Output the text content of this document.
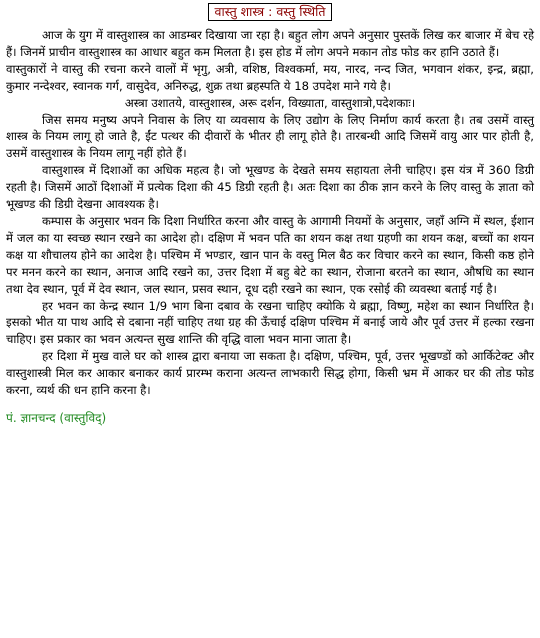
वास्तु शास्त्र : वस्तु स्थिति

आज के युग में वास्तुशास्त्र का आडम्बर दिखाया जा रहा है। बहुत लोग अपने अनुसार पुस्तकें लिख कर बाजार में बेच रहे हैं। जिनमें प्राचीन वास्तुशास्त्र का आधार बहुत कम मिलता है। इस होड में लोग अपने मकान तोड फोड कर हानि उठाते हैं।

वास्तुकारों ने वास्तु की रचना करने वालों में भृगु, अत्री, वशिष्ठ, विश्वकर्मा, मय, नारद, नन्द जित, भगवान शंकर, इन्द्र, ब्रह्मा, कुमार नन्देश्वर, स्वानक गर्ग, वासुदेव, अनिरुद्ध, शुक्र तथा ब्रहस्पति ये 18 उपदेश माने गये है।

अस्त्रा उशातये, वास्तुशास्त्र, अरू दर्शन, विख्याता, वास्तुशात्रो,पदेशकाः।

जिस समय मनुष्य अपने निवास के लिए या व्यवसाय के लिए उद्योग के लिए निर्माण कार्य करता है। तब उसमें वास्तु शास्त्र के नियम लागू हो जाते है, ईंट पत्थर की दीवारों के भीतर ही लागू होते है। तारबन्धी आदि जिसमें वायु आर पार होती है, उसमें वास्तुशास्त्र के नियम लागू नहीं होते हैं।

वास्तुशास्त्र में दिशाओं का अधिक महत्व है। जो भूखण्ड के देखते समय सहायता लेनी चाहिए। इस यंत्र में 360 डिग्री रहती है। जिसमें आठों दिशाओं में प्रत्येक दिशा की 45 डिग्री रहती है। अतः दिशा का ठीक ज्ञान करने के लिए वास्तु के ज्ञाता को भूखण्ड की डिग्री देखना आवश्यक है।

कम्पास के अनुसार भवन कि दिशा निर्धारित करना और वास्तु के आगामी नियमों के अनुसार, जहाँ अग्नि में स्थल, ईशान में जल का या स्वच्छ स्थान रखने का आदेश हो। दक्षिण में भवन पति का शयन कक्ष तथा ग्रहणी का शयन कक्ष, बच्चों का शयन कक्ष या शौचालय होने का आदेश है। पश्चिम में भण्डार, खान पान के वस्तु मिल बैठ कर विचार करने का स्थान, किसी कष्ठ होने पर मनन करने का स्थान, अनाज आदि रखने का, उत्तर दिशा में बहु बेटे का स्थान, रोजाना बरतने का स्थान, औषधि का स्थान तथा देव स्थान, पूर्व में देव स्थान, जल स्थान, प्रसव स्थान, दूध दही रखने का स्थान, एक रसोई की व्यवस्था बताई गई है।

हर भवन का केन्द्र स्थान 1/9 भाग बिना दबाव के रखना चाहिए क्योकि ये ब्रह्मा, विष्णु, महेश का स्थान निर्धारित है। इसको भीत या पाथ आदि से दबाना नहीं चाहिए तथा ग्रह की ऊँचाई दक्षिण पश्चिम में बनाई जाये और पूर्व उत्तर में हल्का रखना चाहिए। इस प्रकार का भवन अत्यन्त सुख शान्ति की वृद्धि वाला भवन माना जाता है।

हर दिशा में मुख वाले घर को शास्त्र द्वारा बनाया जा सकता है। दक्षिण, पश्चिम, पूर्व, उत्तर भूखण्डों को आर्किटेक्ट और वास्तुशास्त्री मिल कर आकार बनाकर कार्य प्रारम्भ कराना अत्यन्त लाभकारी सिद्ध होगा, किसी भ्रम में आकर घर की तोड फोड करना, व्यर्थ की धन हानि करना है।

पं. ज्ञानचन्द (वास्तुविद्)
